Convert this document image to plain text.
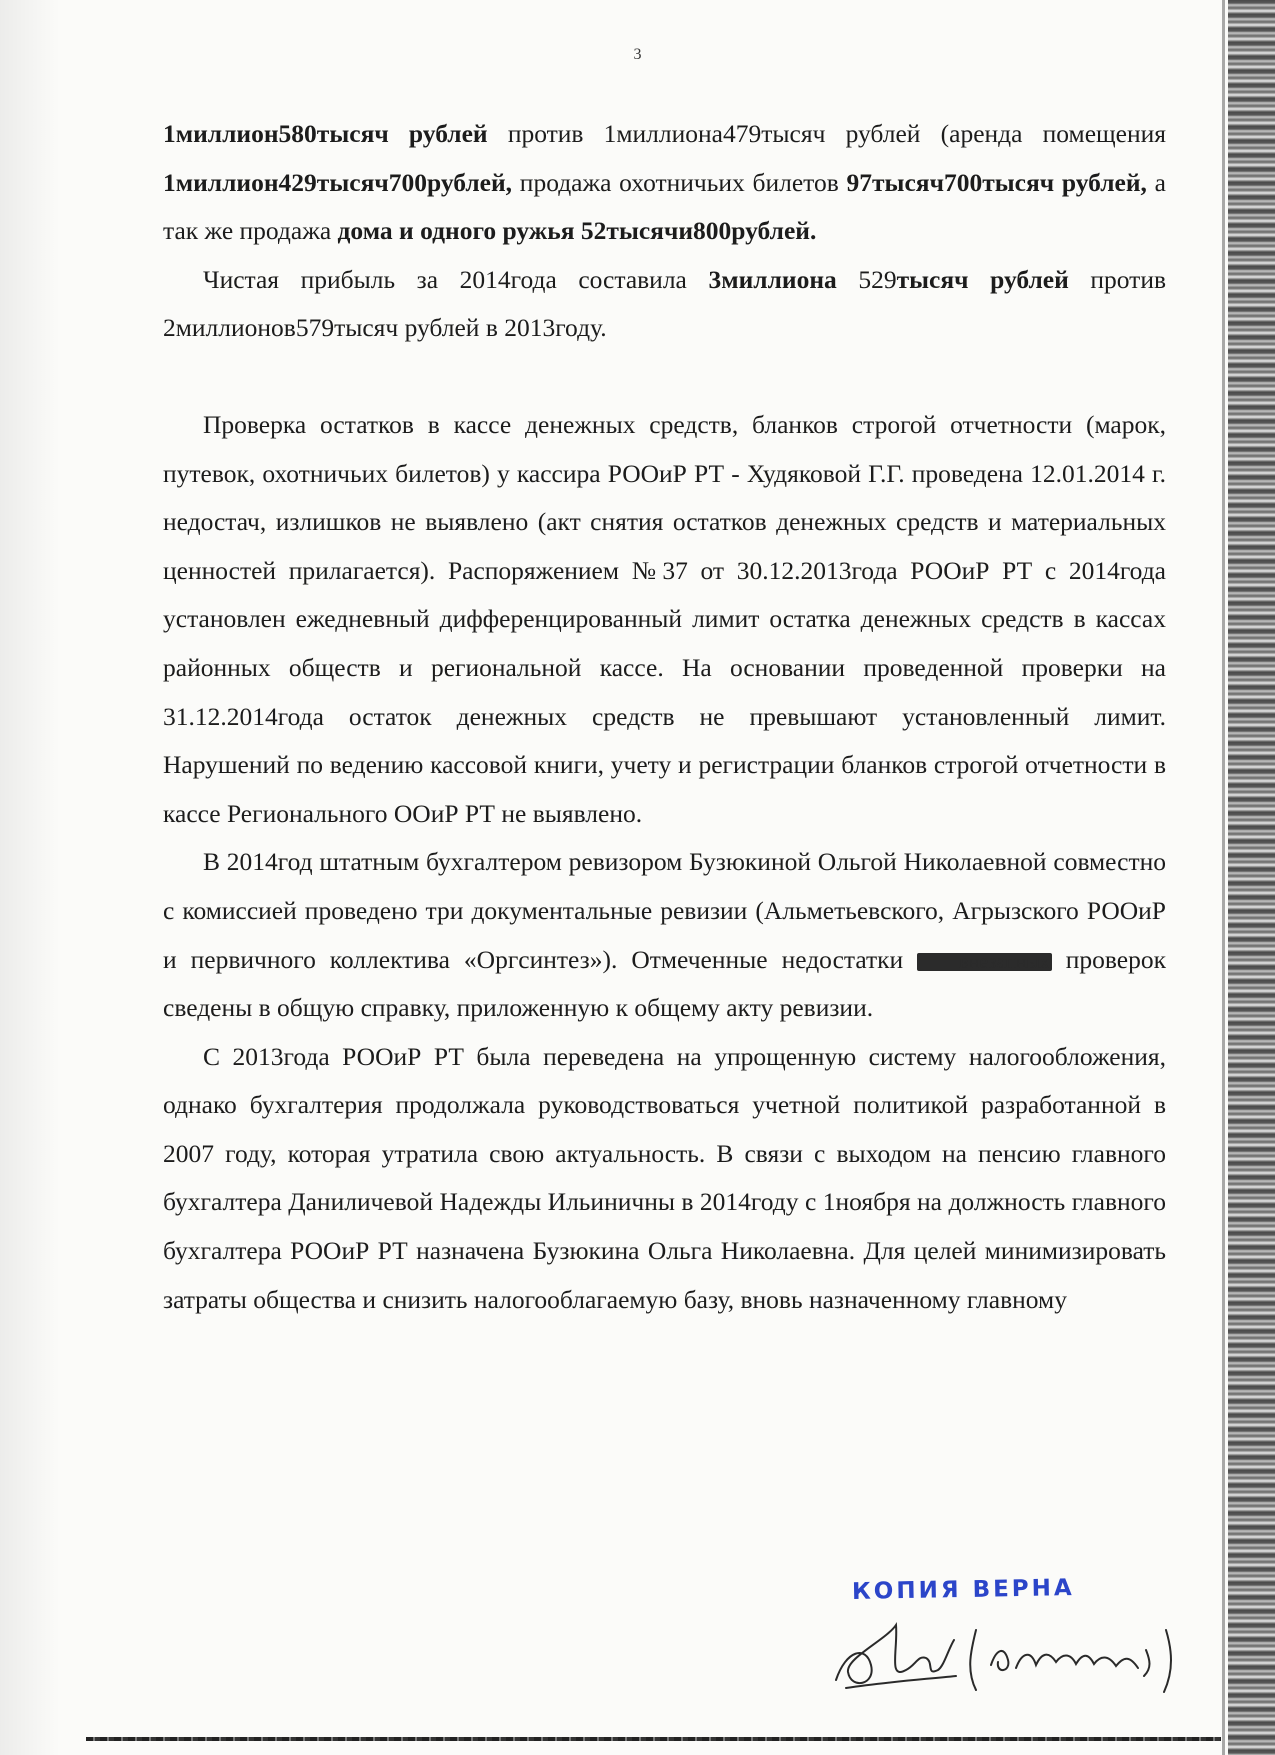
3

1миллион580тысяч рублей против 1миллиона479тысяч рублей (аренда помещения 1миллион429тысяч700рублей, продажа охотничьих билетов 97тысяч700тысяч рублей, а так же продажа дома и одного ружья 52тысячи800рублей.

Чистая прибыль за 2014года составила 3миллиона 529тысяч рублей против 2миллионов579тысяч рублей в 2013году.

Проверка остатков в кассе денежных средств, бланков строгой отчетности (марок, путевок, охотничьих билетов) у кассира РООиР РТ - Худяковой Г.Г. проведена 12.01.2014 г. недостач, излишков не выявлено (акт снятия остатков денежных средств и материальных ценностей прилагается). Распоряжением №37 от 30.12.2013года РООиР РТ с 2014года установлен ежедневный дифференцированный лимит остатка денежных средств в кассах районных обществ и региональной кассе. На основании проведенной проверки на 31.12.2014года остаток денежных средств не превышают установленный лимит. Нарушений по ведению кассовой книги, учету и регистрации бланков строгой отчетности в кассе Регионального ООиР РТ не выявлено.

В 2014год штатным бухгалтером ревизором Бузюкиной Ольгой Николаевной совместно с комиссией проведено три документальные ревизии (Альметьевского, Агрызского РООиР и первичного коллектива «Оргсинтез»). Отмеченные недостатки внезапных проверок сведены в общую справку, приложенную к общему акту ревизии.

С 2013года РООиР РТ была переведена на упрощенную систему налогообложения, однако бухгалтерия продолжала руководствоваться учетной политикой разработанной в 2007 году, которая утратила свою актуальность. В связи с выходом на пенсию главного бухгалтера Даниличевой Надежды Ильиничны в 2014году с 1ноября на должность главного бухгалтера РООиР РТ назначена Бузюкина Ольга Николаевна. Для целей минимизировать затраты общества и снизить налогооблагаемую базу, вновь назначенному главному

КОПИЯ ВЕРНА
[А.Л.Кашкильгов]
